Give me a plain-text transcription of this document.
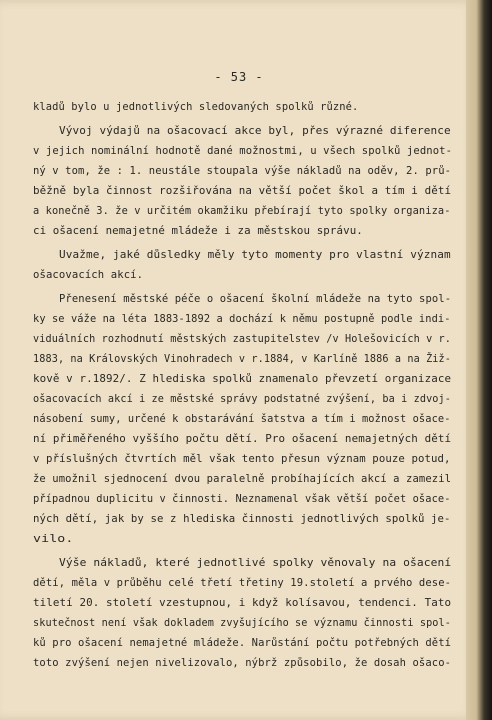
- 53 -
kladů bylo u jednotlivých sledovaných spolků různé.
Vývoj výdajů na ošacovací akce byl, přes výrazné diference
v jejich nominální hodnotě dané možnostmi, u všech spolků jednot-
ný v tom, že : 1. neustále stoupala výše nákladů na oděv, 2. prů-
běžně byla činnost rozšiřována na větší počet škol a tím i dětí
a konečně 3. že v určitém okamžiku přebírají tyto spolky organiza-
ci ošacení nemajetné mládeže i za městskou správu.
Uvažme, jaké důsledky měly tyto momenty pro vlastní význam
ošacovacích akcí.
Přenesení městské péče o ošacení školní mládeže na tyto spol-
ky se váže na léta 1883-1892 a dochází k němu postupně podle indi-
viduálních rozhodnutí městských zastupitelstev /v Holešovicích v r.
1883, na Královských Vinohradech v r.1884, v Karlíně 1886 a na Žiž-
kově v r.1892/. Z hlediska spolků znamenalo převzetí organizace
ošacovacích akcí i ze městské správy podstatné zvýšení, ba i zdvoj-
násobení sumy, určené k obstarávání šatstva a tím i možnost ošace-
ní přiměřeného vyššího počtu dětí. Pro ošacení nemajetných dětí
v příslušných čtvrtích měl však tento přesun význam pouze potud,
že umožnil sjednocení dvou paralelně probíhajících akcí a zamezil
případnou duplicitu v činnosti. Neznamenal však větší počet ošace-
ných dětí, jak by se z hlediska činnosti jednotlivých spolků je-
vilo.
Výše nákladů, které jednotlivé spolky věnovaly na ošacení
dětí, měla v průběhu celé třetí třetiny 19.století a prvého dese-
tiletí 20. století vzestupnou, i když kolísavou, tendenci. Tato
skutečnost není však dokladem zvyšujícího se významu činnosti spol-
ků pro ošacení nemajetné mládeže. Narůstání počtu potřebných dětí
toto zvýšení nejen nivelizovalo, nýbrž způsobilo, že dosah ošaco-
